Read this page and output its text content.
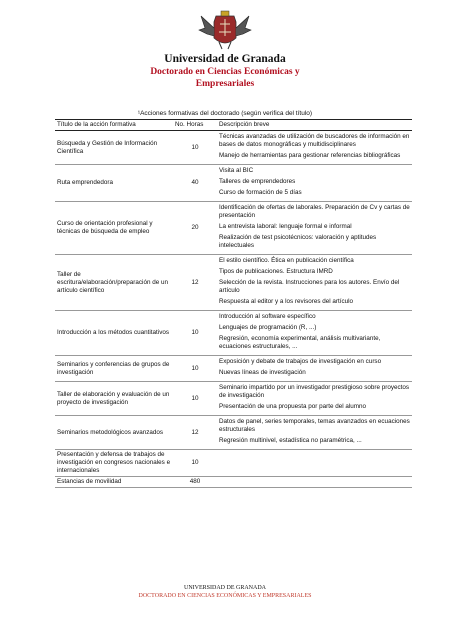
Universidad de Granada
Doctorado en Ciencias Económicas y
Empresariales
¹Acciones formativas del doctorado (según verifica del título)
Título de la acción formativa	No. Horas	Descripción breve
Búsqueda y Gestión de Información Científica	10	Técnicas avanzadas de utilización de buscadores de información en bases de datos monográficas y multidisciplinares
Manejo de herramientas para gestionar referencias bibliográficas

Ruta emprendedora	40	Visita al BIC
Talleres de emprendedores
Curso de formación de 5 días

Curso de orientación profesional y técnicas de búsqueda de empleo	20	Identificación de ofertas de laborales. Preparación de Cv y cartas de presentación
La entrevista laboral: lenguaje formal e informal
Realización de test psicotécnicos: valoración y aptitudes intelectuales

Taller de escritura/elaboración/preparación de un artículo científico	12	El estilo científico. Ética en publicación científica
Tipos de publicaciones. Estructura IMRD
Selección de la revista. Instrucciones para los autores. Envío del artículo
Respuesta al editor y a los revisores del artículo

Introducción a los métodos cuantitativos	10	Introducción al software específico
Lenguajes de programación (R, ...)
Regresión, economía experimental, análisis multivariante, ecuaciones estructurales, ...

Seminarios y conferencias de grupos de investigación	10	Exposición y debate de trabajos de investigación en curso
Nuevas líneas de investigación

Taller de elaboración y evaluación de un proyecto de investigación	10	Seminario impartido por un investigador prestigioso sobre proyectos de investigación
Presentación de una propuesta por parte del alumno

Seminarios metodológicos avanzados	12	Datos de panel, series temporales, temas avanzados en ecuaciones estructurales
Regresión multinivel, estadística no paramétrica, ...

Presentación y defensa de trabajos de investigación en congresos nacionales e internacionales	10	
Estancias de movilidad	480	
UNIVERSIDAD DE GRANADA
DOCTORADO EN CIENCIAS ECONÓMICAS Y EMPRESARIALES
